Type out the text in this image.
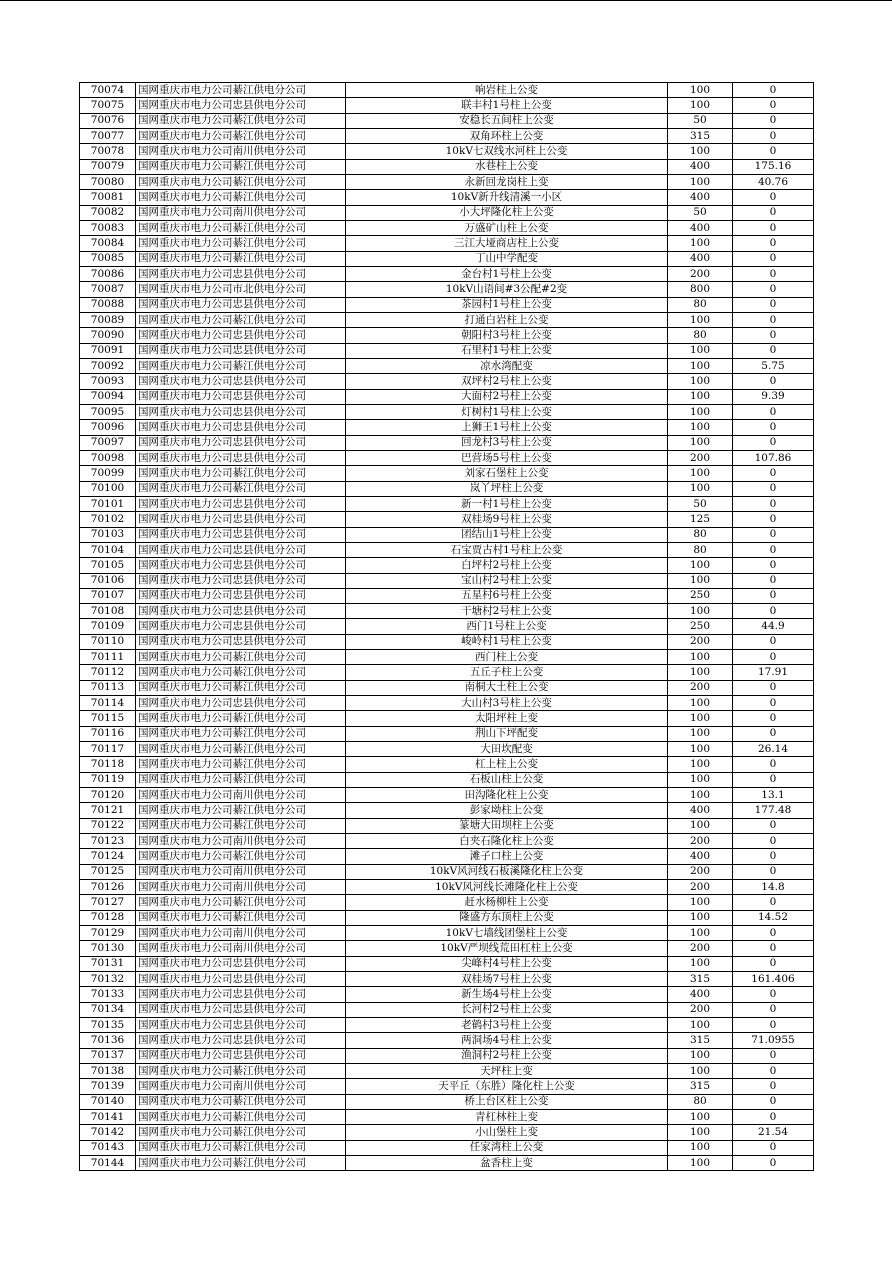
70074	国网重庆市电力公司綦江供电分公司	响岩柱上公变	100	0
70075	国网重庆市电力公司忠县供电分公司	联丰村1号柱上公变	100	0
70076	国网重庆市电力公司綦江供电分公司	安稳长五间柱上公变	50	0
70077	国网重庆市电力公司綦江供电分公司	双角环柱上公变	315	0
70078	国网重庆市电力公司南川供电分公司	10kV七双线水河柱上公变	100	0
70079	国网重庆市电力公司綦江供电分公司	水巷柱上公变	400	175.16
70080	国网重庆市电力公司綦江供电分公司	永新回龙岗柱上变	100	40.76
70081	国网重庆市电力公司綦江供电分公司	10kV新升线清溪一小区	400	0
70082	国网重庆市电力公司南川供电分公司	小大坪隆化柱上公变	50	0
70083	国网重庆市电力公司綦江供电分公司	万盛矿山柱上公变	400	0
70084	国网重庆市电力公司綦江供电分公司	三江大垭商店柱上公变	100	0
70085	国网重庆市电力公司綦江供电分公司	丁山中学配变	400	0
70086	国网重庆市电力公司忠县供电分公司	金台村1号柱上公变	200	0
70087	国网重庆市电力公司市北供电分公司	10kV山语间#3公配#2变	800	0
70088	国网重庆市电力公司忠县供电分公司	茶园村1号柱上公变	80	0
70089	国网重庆市电力公司綦江供电分公司	打通白岩柱上公变	100	0
70090	国网重庆市电力公司忠县供电分公司	朝阳村3号柱上公变	80	0
70091	国网重庆市电力公司忠县供电分公司	石里村1号柱上公变	100	0
70092	国网重庆市电力公司綦江供电分公司	凉水湾配变	100	5.75
70093	国网重庆市电力公司忠县供电分公司	双坪村2号柱上公变	100	0
70094	国网重庆市电力公司忠县供电分公司	大面村2号柱上公变	100	9.39
70095	国网重庆市电力公司忠县供电分公司	灯树村1号柱上公变	100	0
70096	国网重庆市电力公司忠县供电分公司	上狮王1号柱上公变	100	0
70097	国网重庆市电力公司忠县供电分公司	回龙村3号柱上公变	100	0
70098	国网重庆市电力公司忠县供电分公司	巴营场5号柱上公变	200	107.86
70099	国网重庆市电力公司綦江供电分公司	刘家石堡柱上公变	100	0
70100	国网重庆市电力公司綦江供电分公司	岚丫坪柱上公变	100	0
70101	国网重庆市电力公司忠县供电分公司	新一村1号柱上公变	50	0
70102	国网重庆市电力公司忠县供电分公司	双桂场9号柱上公变	125	0
70103	国网重庆市电力公司忠县供电分公司	团结山1号柱上公变	80	0
70104	国网重庆市电力公司忠县供电分公司	石宝贾古村1号柱上公变	80	0
70105	国网重庆市电力公司忠县供电分公司	白坪村2号柱上公变	100	0
70106	国网重庆市电力公司忠县供电分公司	宝山村2号柱上公变	100	0
70107	国网重庆市电力公司忠县供电分公司	五星村6号柱上公变	250	0
70108	国网重庆市电力公司忠县供电分公司	干塘村2号柱上公变	100	0
70109	国网重庆市电力公司忠县供电分公司	西门1号柱上公变	250	44.9
70110	国网重庆市电力公司忠县供电分公司	峻岭村1号柱上公变	200	0
70111	国网重庆市电力公司綦江供电分公司	西门柱上公变	100	0
70112	国网重庆市电力公司綦江供电分公司	五丘子柱上公变	100	17.91
70113	国网重庆市电力公司綦江供电分公司	南桐大土柱上公变	200	0
70114	国网重庆市电力公司忠县供电分公司	大山村3号柱上公变	100	0
70115	国网重庆市电力公司綦江供电分公司	太阳坪柱上变	100	0
70116	国网重庆市电力公司綦江供电分公司	荆山下坪配变	100	0
70117	国网重庆市电力公司綦江供电分公司	大田坎配变	100	26.14
70118	国网重庆市电力公司綦江供电分公司	杠上柱上公变	100	0
70119	国网重庆市电力公司綦江供电分公司	石板山柱上公变	100	0
70120	国网重庆市电力公司南川供电分公司	田沟隆化柱上公变	100	13.1
70121	国网重庆市电力公司綦江供电分公司	彭家坳柱上公变	400	177.48
70122	国网重庆市电力公司綦江供电分公司	篆塘大田坝柱上公变	100	0
70123	国网重庆市电力公司南川供电分公司	白夹石隆化柱上公变	200	0
70124	国网重庆市电力公司綦江供电分公司	滩子口柱上公变	400	0
70125	国网重庆市电力公司南川供电分公司	10kV风河线石板溪隆化柱上公变	200	0
70126	国网重庆市电力公司南川供电分公司	10kV风河线长滩隆化柱上公变	200	14.8
70127	国网重庆市电力公司綦江供电分公司	赶水杨柳柱上公变	100	0
70128	国网重庆市电力公司綦江供电分公司	隆盛方东顶柱上公变	100	14.52
70129	国网重庆市电力公司南川供电分公司	10kV七墙线团堡柱上公变	100	0
70130	国网重庆市电力公司南川供电分公司	10kV严坝线荒田杠柱上公变	200	0
70131	国网重庆市电力公司忠县供电分公司	尖峰村4号柱上公变	100	0
70132	国网重庆市电力公司忠县供电分公司	双桂场7号柱上公变	315	161.406
70133	国网重庆市电力公司忠县供电分公司	新生场4号柱上公变	400	0
70134	国网重庆市电力公司忠县供电分公司	长河村2号柱上公变	200	0
70135	国网重庆市电力公司忠县供电分公司	老鹤村3号柱上公变	100	0
70136	国网重庆市电力公司忠县供电分公司	两洞场4号柱上公变	315	71.0955
70137	国网重庆市电力公司忠县供电分公司	渔洞村2号柱上公变	100	0
70138	国网重庆市电力公司綦江供电分公司	天坪柱上变	100	0
70139	国网重庆市电力公司南川供电分公司	天平丘（东胜）隆化柱上公变	315	0
70140	国网重庆市电力公司綦江供电分公司	桥上台区柱上公变	80	0
70141	国网重庆市电力公司綦江供电分公司	青杠林柱上变	100	0
70142	国网重庆市电力公司綦江供电分公司	小山堡柱上变	100	21.54
70143	国网重庆市电力公司綦江供电分公司	任家湾柱上公变	100	0
70144	国网重庆市电力公司綦江供电分公司	盆香柱上变	100	0
